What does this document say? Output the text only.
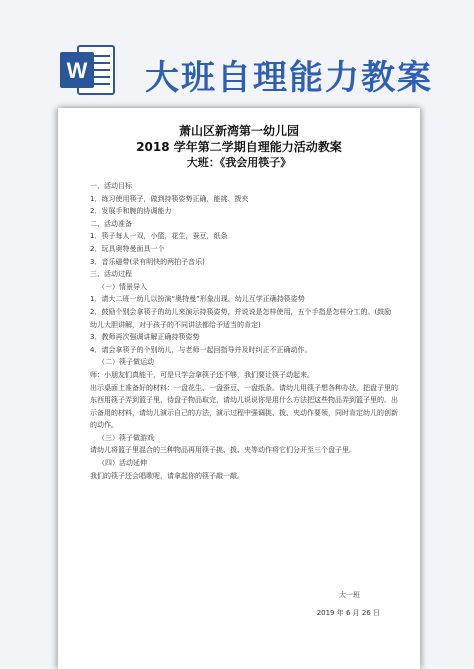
W 大班自理能力教案
萧山区新湾第一幼儿园
2018 学年第二学期自理能力活动教案
大班：《我会用筷子》

一、活动目标

1．练习使用筷子，做到持筷姿势正确，能挑、拨夹

2．发展手和腕的协调能力

二、活动准备

1．筷子每人一双，小篮，花生，蚕豆，纸条

2．玩具奥特曼面具一个

3．音乐磁带(录有明快的两拍子音乐)

三、活动过程

（一）情景导入

1．请大二班一幼儿以扮演“奥特曼”形象出现，幼儿互学正确持筷姿势

2．鼓励个别会拿筷子的幼儿来演示持筷姿势，并说说是怎样使用，五个手指是怎样分工的。(鼓励幼儿大胆讲解，对于孩子的不同讲法都给予适当的肯定)

3．教师再次强调讲解正确持筷姿势

4．请会拿筷子的个别幼儿，与老师一起回指导并及时纠正不正确动作。

（二）筷子做运动

师：小朋友们真能干，可是只学会拿筷子还不够，我们要让筷子动起来。

出示桌面上准备好的材料：一盘花生、一盘蚕豆、一盘纸条。请幼儿用筷子想各种办法，把盘子里的东西用筷子弄到篮子里，待盘子物品取完，请幼儿说说你是用什么方法把这些物品弄到篮子里的。出示备用的材料，请幼儿演示自己的方法，演示过程中强调挑、拨、夹动作要领，同时肯定幼儿的创新的动作。

（三）筷子做游戏

请幼儿将篮子里混合的三种物品再用筷子挑、拨、夹等动作将它们分开至三个盘子里。

（四）活动延伸

我们的筷子还会唱歌呢，请拿起你的筷子敲一敲。

大一班
2019 年 6 月 26 日
